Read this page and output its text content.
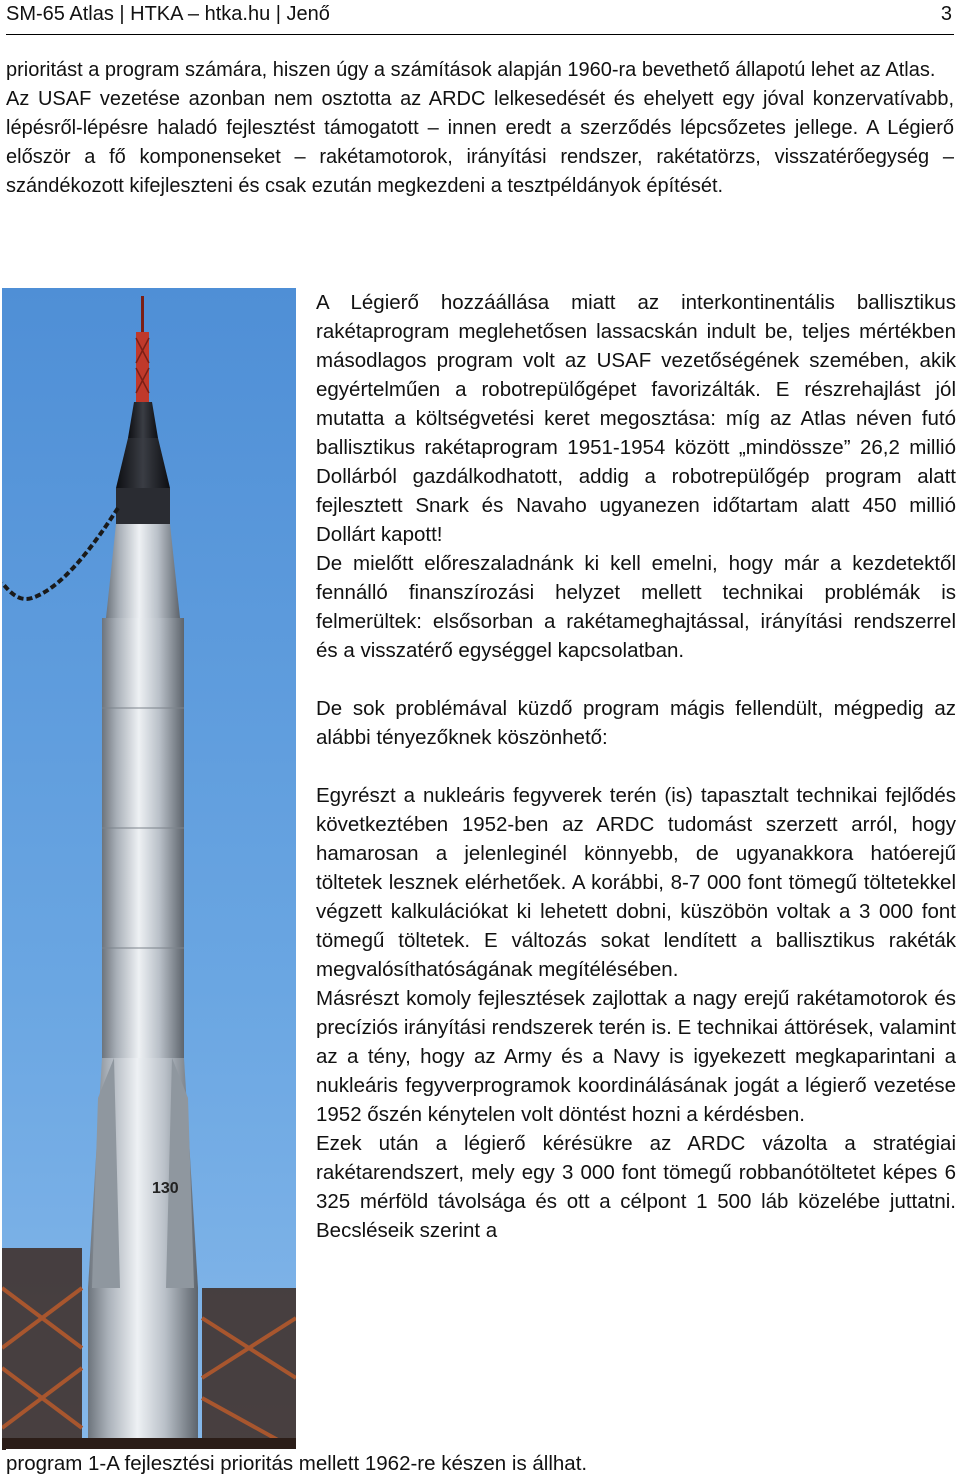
SM-65 Atlas | HTKA – htka.hu | Jenő	3

prioritást a program számára, hiszen úgy a számítások alapján 1960-ra bevethető állapotú lehet az Atlas.

Az USAF vezetése azonban nem osztotta az ARDC lelkesedését és ehelyett egy jóval konzervatívabb, lépésről-lépésre haladó fejlesztést támogatott – innen eredt a szerződés lépcsőzetes jellege. A Légierő először a fő komponenseket – rakétamotorok, irányítási rendszer, rakétatörzs, visszatérőegység – szándékozott kifejleszteni és csak ezután megkezdeni a tesztpéldányok építését.

130

A Légierő hozzáállása miatt az interkontinentális ballisztikus rakétaprogram meglehetősen lassacskán indult be, teljes mértékben másodlagos program volt az USAF vezetőségének szemében, akik egyértelműen a robotrepülőgépet favorizálták. E részrehajlást jól mutatta a költségvetési keret megosztása: míg az Atlas néven futó ballisztikus rakétaprogram 1951-1954 között „mindössze” 26,2 millió Dollárból gazdálkodhatott, addig a robotrepülőgép program alatt fejlesztett Snark és Navaho ugyanezen időtartam alatt 450 millió Dollárt kapott!

De mielőtt előreszaladnánk ki kell emelni, hogy már a kezdetektől fennálló finanszírozási helyzet mellett technikai problémák is felmerültek: elsősorban a rakétameghajtással, irányítási rendszerrel és a visszatérő egységgel kapcsolatban.

De sok problémával küzdő program mágis fellendült, mégpedig az alábbi tényezőknek köszönhető:

Egyrészt a nukleáris fegyverek terén (is) tapasztalt technikai fejlődés következtében 1952-ben az ARDC tudomást szerzett arról, hogy hamarosan a jelenleginél könnyebb, de ugyanakkora hatóerejű töltetek lesznek elérhetőek. A korábbi, 8-7 000 font tömegű töltetekkel végzett kalkulációkat ki lehetett dobni, küszöbön voltak a 3 000 font tömegű töltetek. E változás sokat lendített a ballisztikus rakéták megvalósíthatóságának megítélésében.

Másrészt komoly fejlesztések zajlottak a nagy erejű rakétamotorok és precíziós irányítási rendszerek terén is. E technikai áttörések, valamint az a tény, hogy az Army és a Navy is igyekezett megkaparintani a nukleáris fegyverprogramok koordinálásának jogát a légierő vezetése 1952 őszén kénytelen volt döntést hozni a kérdésben.

Ezek után a légierő kérésükre az ARDC vázolta a stratégiai rakétarendszert, mely egy 3 000 font tömegű robbanótöltetet képes 6 325 mérföld távolsága és ott a célpont 1 500 láb közelébe juttatni. Becsléseik szerint a

program 1-A fejlesztési prioritás mellett 1962-re készen is állhat.
